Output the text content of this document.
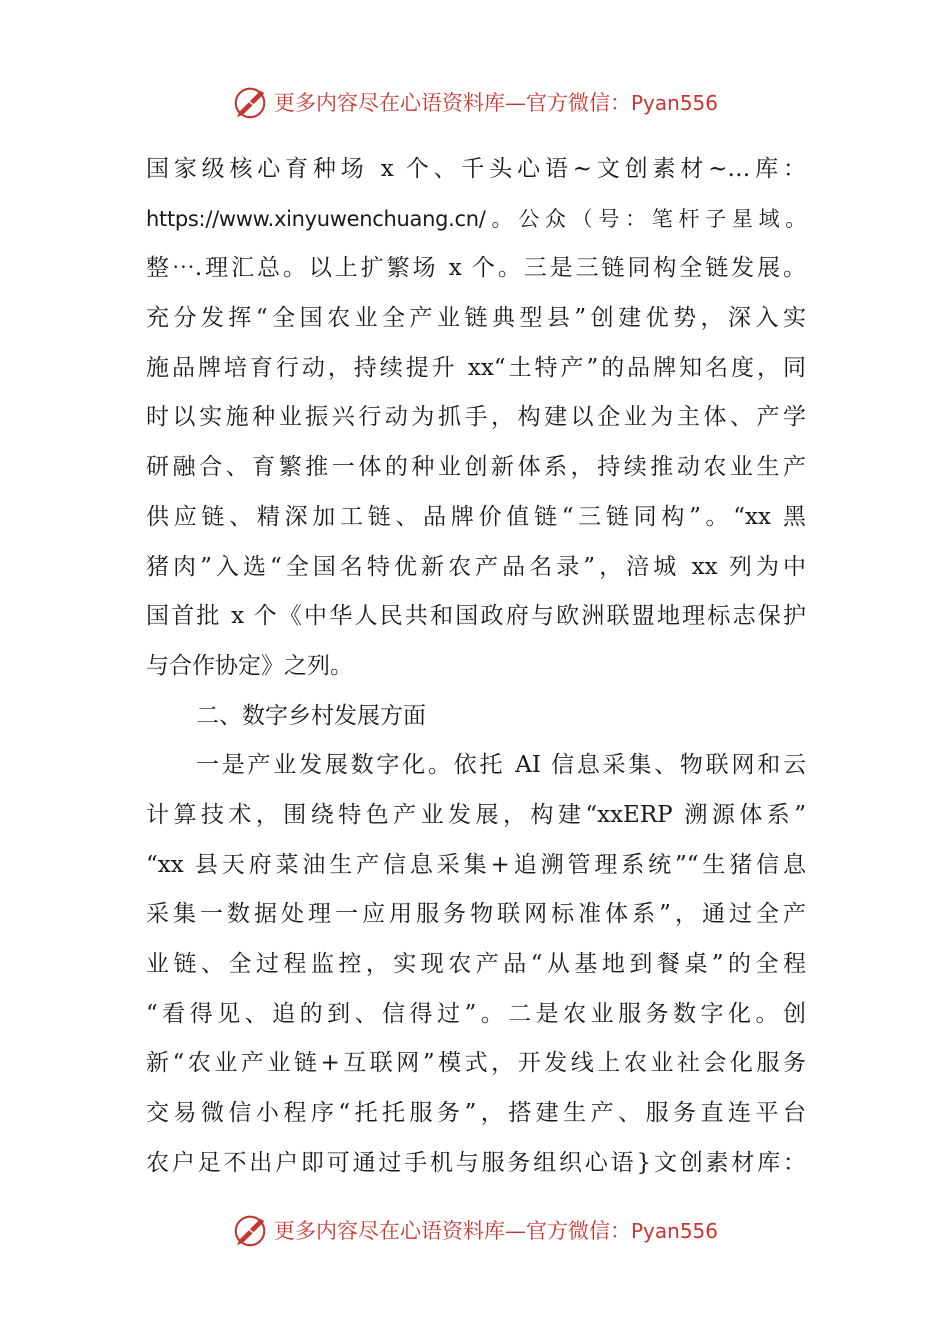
更多内容尽在心语资料库—官方微信：Pyan556
国家级核心育种场 x 个、千头心语~文创素材~…库：
https://www.xinyuwenchuang.cn/。公众（号：笔杆子星域。
整⋯.理汇总。以上扩繁场 x 个。三是三链同构全链发展。
充分发挥“全国农业全产业链典型县”创建优势，深入实
施品牌培育行动，持续提升 xx“土特产”的品牌知名度，同
时以实施种业振兴行动为抓手，构建以企业为主体、产学
研融合、育繁推一体的种业创新体系，持续推动农业生产
供应链、精深加工链、品牌价值链“三链同构”。“xx 黑
猪肉”入选“全国名特优新农产品名录”，涪城 xx 列为中
国首批 x 个《中华人民共和国政府与欧洲联盟地理标志保护
与合作协定》之列。
二、数字乡村发展方面
一是产业发展数字化。依托 AI 信息采集、物联网和云
计算技术，围绕特色产业发展，构建“xxERP 溯源体系”
“xx 县天府菜油生产信息采集+追溯管理系统”“生猪信息
采集一数据处理一应用服务物联网标准体系”，通过全产
业链、全过程监控，实现农产品“从基地到餐桌”的全程
“看得见、追的到、信得过”。二是农业服务数字化。创
新“农业产业链+互联网”模式，开发线上农业社会化服务
交易微信小程序“托托服务”，搭建生产、服务直连平台
农户足不出户即可通过手机与服务组织心语}文创素材库：
更多内容尽在心语资料库—官方微信：Pyan556
